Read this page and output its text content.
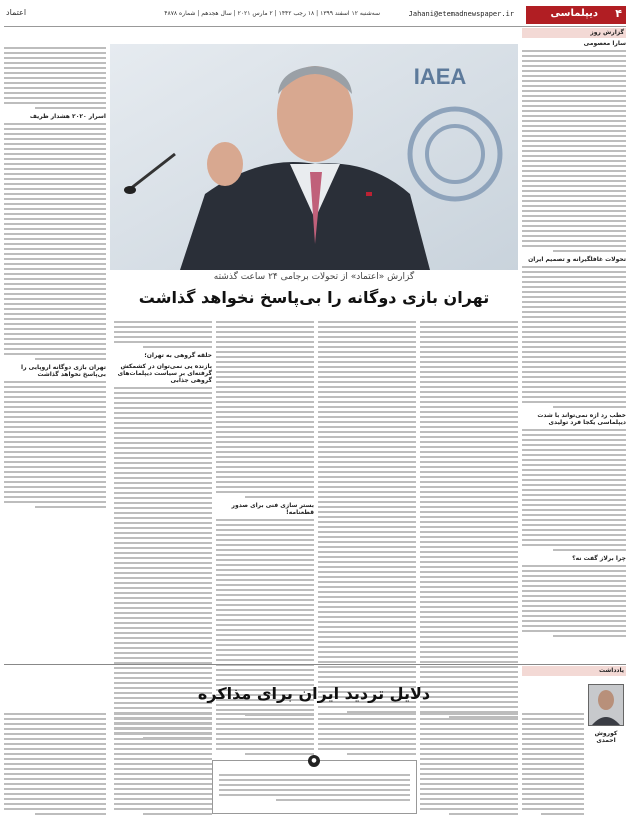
۴
دیپلماسی
Jahani@etemadnewspaper.ir
سه‌شنبه ۱۲ اسفند ۱۳۹۹ | ۱۸ رجب ۱۴۴۲ | ۲ مارس ۲۰۲۱ | سال هجدهم | شماره ۴۸۷۸
اعتماد
گزارش روز
سارا معصومی
تحولات غافلگیرانه و تصمیم ایران
خطب رد ازه نمی‌تواند با شدت دیپلماسی یکجا فرد تولیدی
چرا برلاز گفت نه؟
IAEA
گزارش «اعتماد» از تحولات برجامی ۲۴ ساعت گذشته
تهران بازی دوگانه را بی‌پاسخ نخواهد گذاشت
اسرار ۲۰۲۰ هشدار ظریف
تهران بازی دوگانه اروپایی را بی‌پاسخ نخواهد گذاشت
بستر سازی فنی برای صدور قطعنامه!
حلقه گروهی به تهران؛
بازنده یی نمی‌توان در کشمکش گرفته‌ای بر سیاست دیپلمات‌های گروهی جذابی
یادداشت
دلایل تردید ایران برای مذاکره
کوروش احمدی
●
